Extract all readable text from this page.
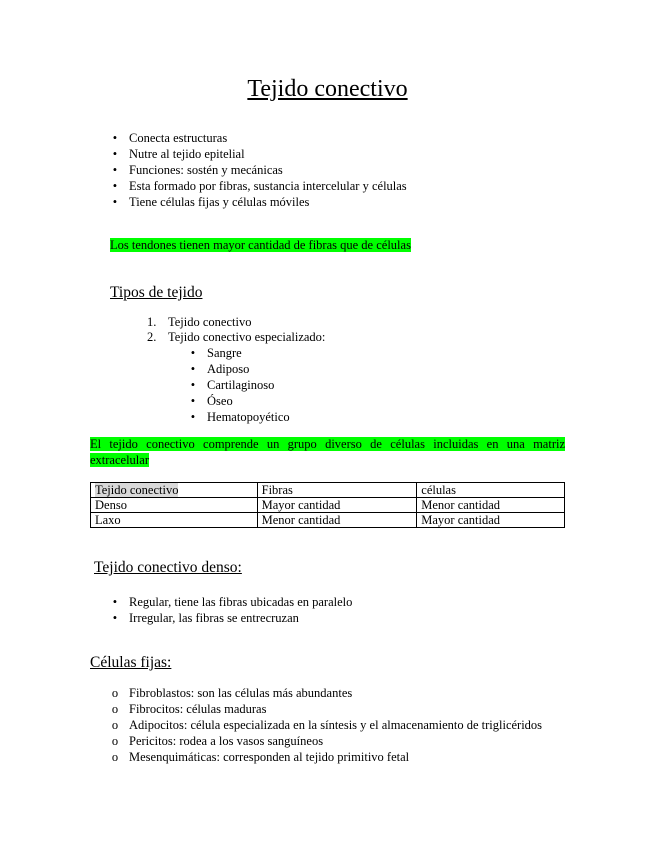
Tejido conectivo
• Conecta estructuras
• Nutre al tejido epitelial
• Funciones: sostén y mecánicas
• Esta formado por fibras, sustancia intercelular y células
• Tiene células fijas y células móviles
Los tendones tienen mayor cantidad de fibras que de células
Tipos de tejido
1. Tejido conectivo
2. Tejido conectivo especializado:
• Sangre
• Adiposo
• Cartilaginoso
• Óseo
• Hematopoyético
El tejido conectivo comprende un grupo diverso de células incluidas en una matriz extracelular
Tejido conectivo	Fibras	células
Denso	Mayor cantidad	Menor cantidad
Laxo	Menor cantidad	Mayor cantidad
Tejido conectivo denso:
• Regular, tiene las fibras ubicadas en paralelo
• Irregular, las fibras se entrecruzan
Células fijas:
o Fibroblastos: son las células más abundantes
o Fibrocitos: células maduras
o Adipocitos: célula especializada en la síntesis y el almacenamiento de triglicéridos
o Pericitos: rodea a los vasos sanguíneos
o Mesenquimáticas: corresponden al tejido primitivo fetal
